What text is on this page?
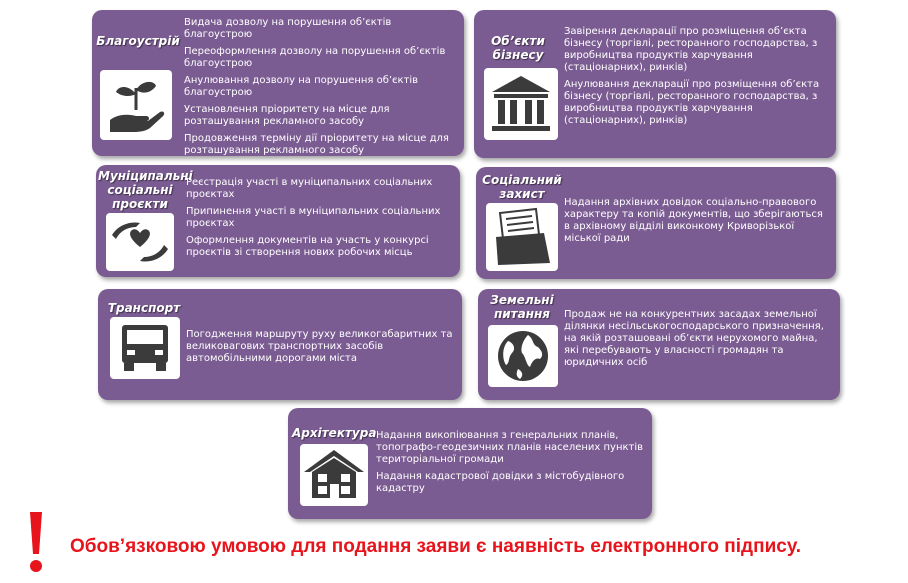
Благоустрій
Видача дозволу на порушення об’єктів благоустрою
Переоформлення дозволу на порушення об’єктів благоустрою
Анулювання дозволу на порушення об’єктів благоустрою
Установлення пріоритету на місце для розташування рекламного засобу
Продовження терміну дії пріоритету на місце для розташування рекламного засобу
Об’єкти бізнесу
Завірення декларації про розміщення об’єкта бізнесу (торгівлі, ресторанного господарства, з виробництва продуктів харчування (стаціонарних), ринків)
Анулювання декларації про розміщення об’єкта бізнесу (торгівлі, ресторанного господарства, з виробництва продуктів харчування (стаціонарних), ринків)
Муніципальні соціальні проєкти
Реєстрація участі в муніципальних соціальних проєктах
Припинення участі в муніципальних соціальних проєктах
Оформлення документів на участь у конкурсі проєктів зі створення нових робочих місць
Соціальний захист
Надання архівних довідок соціально-правового характеру та копій документів, що зберігаються в архівному відділі виконкому Криворізької міської ради
Транспорт
Погодження маршруту руху великогабаритних та великовагових транспортних засобів автомобільними дорогами міста
Земельні питання	Продаж не на конкурентних засадах земельної ділянки несільськогосподарського призначення, на якій розташовані об’єкти нерухомого майна, які перебувають у власності громадян та юридичних осіб
Архітектура Надання викопіювання з генеральних планів, топографо-геодезичних планів населених пунктів територіальної громади
Надання кадастрової довідки з містобудівного кадастру
Обов’язковою умовою для подання заяви є наявність електронного підпису.
